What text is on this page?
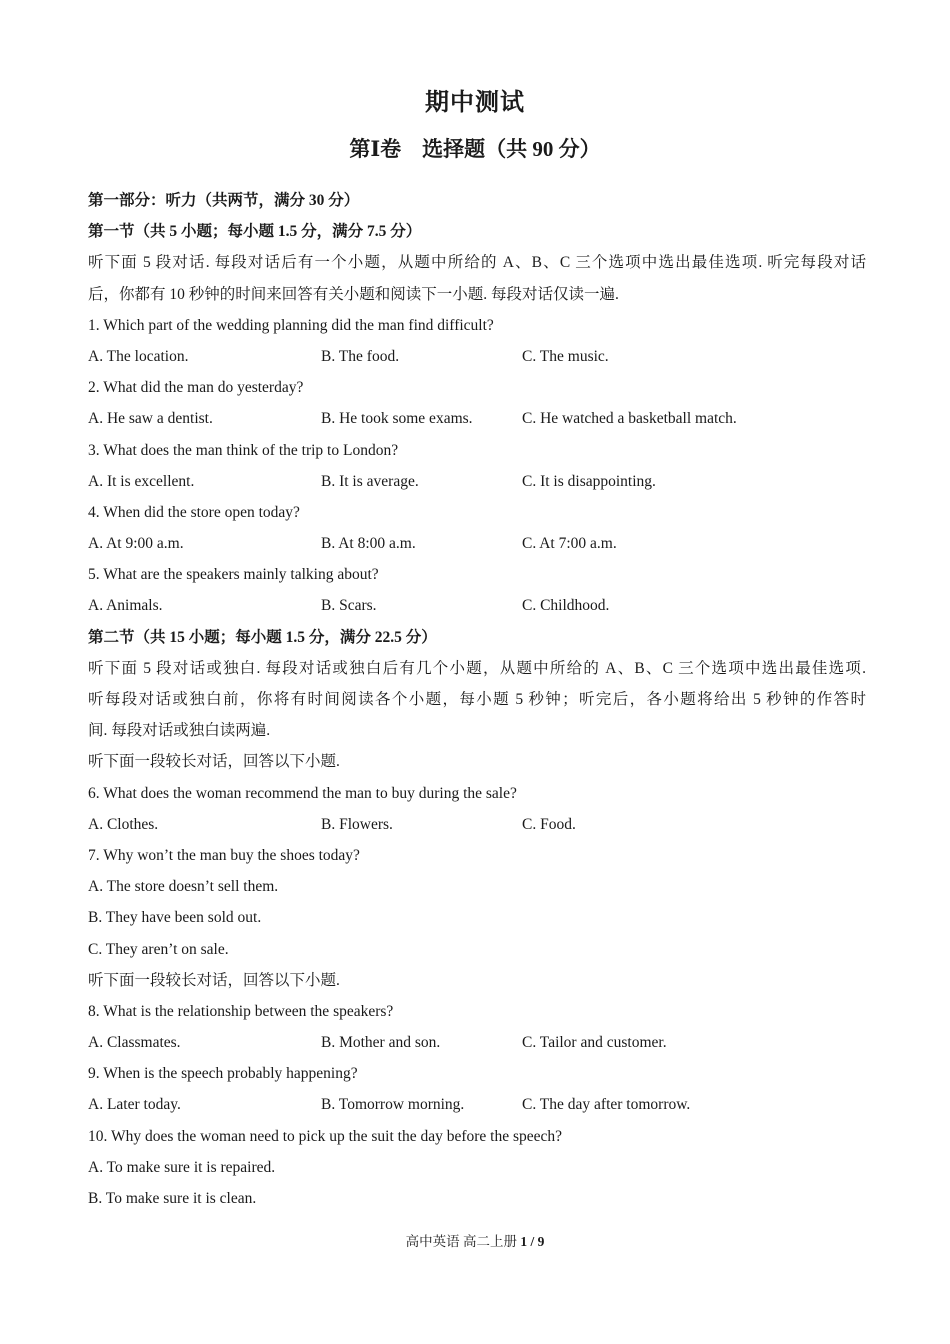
期中测试
第Ⅰ卷　选择题（共 90 分）
第一部分：听力（共两节，满分 30 分）
第一节（共 5 小题；每小题 1.5 分，满分 7.5 分）
听下面 5 段对话. 每段对话后有一个小题，从题中所给的 A、B、C 三个选项中选出最佳选项. 听完每段对话
后，你都有 10 秒钟的时间来回答有关小题和阅读下一小题. 每段对话仅读一遍.
1. Which part of the wedding planning did the man find difficult?
A. The location.	B. The food.	C. The music.
2. What did the man do yesterday?
A. He saw a dentist.	B. He took some exams.	C. He watched a basketball match.
3. What does the man think of the trip to London?
A. It is excellent.	B. It is average.	C. It is disappointing.
4. When did the store open today?
A. At 9:00 a.m.	B. At 8:00 a.m.	C. At 7:00 a.m.
5. What are the speakers mainly talking about?
A. Animals.	B. Scars.	C. Childhood.
第二节（共 15 小题；每小题 1.5 分，满分 22.5 分）
听下面 5 段对话或独白. 每段对话或独白后有几个小题，从题中所给的 A、B、C 三个选项中选出最佳选项.
听每段对话或独白前，你将有时间阅读各个小题，每小题 5 秒钟；听完后，各小题将给出 5 秒钟的作答时
间. 每段对话或独白读两遍.
听下面一段较长对话，回答以下小题.
6. What does the woman recommend the man to buy during the sale?
A. Clothes.	B. Flowers.	C. Food.
7. Why won’t the man buy the shoes today?
A. The store doesn’t sell them.
B. They have been sold out.
C. They aren’t on sale.
听下面一段较长对话，回答以下小题.
8. What is the relationship between the speakers?
A. Classmates.	B. Mother and son.	C. Tailor and customer.
9. When is the speech probably happening?
A. Later today.	B. Tomorrow morning.	C. The day after tomorrow.
10. Why does the woman need to pick up the suit the day before the speech?
A. To make sure it is repaired.
B. To make sure it is clean.
高中英语 高二上册 1 / 9
